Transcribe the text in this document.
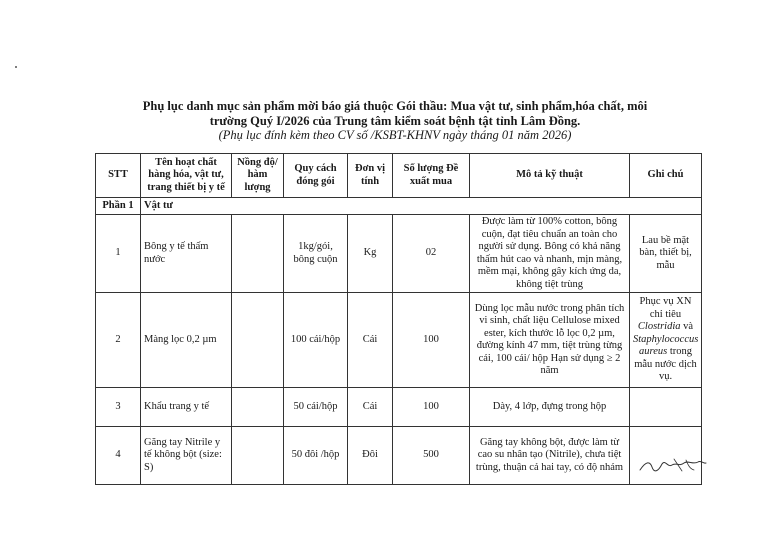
Phụ lục danh mục sản phẩm mời báo giá thuộc Gói thầu: Mua vật tư, sinh phẩm,hóa chất, môi trường Quý I/2026 của Trung tâm kiểm soát bệnh tật tỉnh Lâm Đồng.
(Phụ lục đính kèm theo CV số /KSBT-KHNV ngày tháng 01 năm 2026)
STT	Tên hoạt chất hàng hóa, vật tư, trang thiết bị y tế	Nồng độ/ hàm lượng	Quy cách đóng gói	Đơn vị tính	Số lượng Đề xuất mua	Mô tả kỹ thuật	Ghi chú
Phần 1	Vật tư						
1	Bông y tế thấm nước		1kg/gói, bông cuộn	Kg	02	Được làm từ 100% cotton, bông cuộn, đạt tiêu chuẩn an toàn cho người sử dụng. Bông có khả năng thấm hút cao và nhanh, mịn màng, mềm mại, không gây kích ứng da, không tiệt trùng	Lau bề mặt bàn, thiết bị, mẫu
2	Màng lọc 0,2 µm		100 cái/hộp	Cái	100	Dùng lọc mẫu nước trong phân tích vi sinh, chất liệu Cellulose mixed ester, kích thước lỗ lọc 0,2 µm, đường kính 47 mm, tiệt trùng từng cái, 100 cái/ hộp Hạn sử dụng ≥ 2 năm	Phục vụ XN chỉ tiêu Clostridia và Staphylococcus aureus trong mẫu nước dịch vụ.
3	Khẩu trang y tế		50 cái/hộp	Cái	100	Dày, 4 lớp, đựng trong hộp	
4	Găng tay Nitrile y tế không bột (size: S)		50 đôi /hộp	Đôi	500	Găng tay không bột, được làm từ cao su nhân tạo (Nitrile), chưa tiệt trùng, thuận cả hai tay, có độ nhám	
